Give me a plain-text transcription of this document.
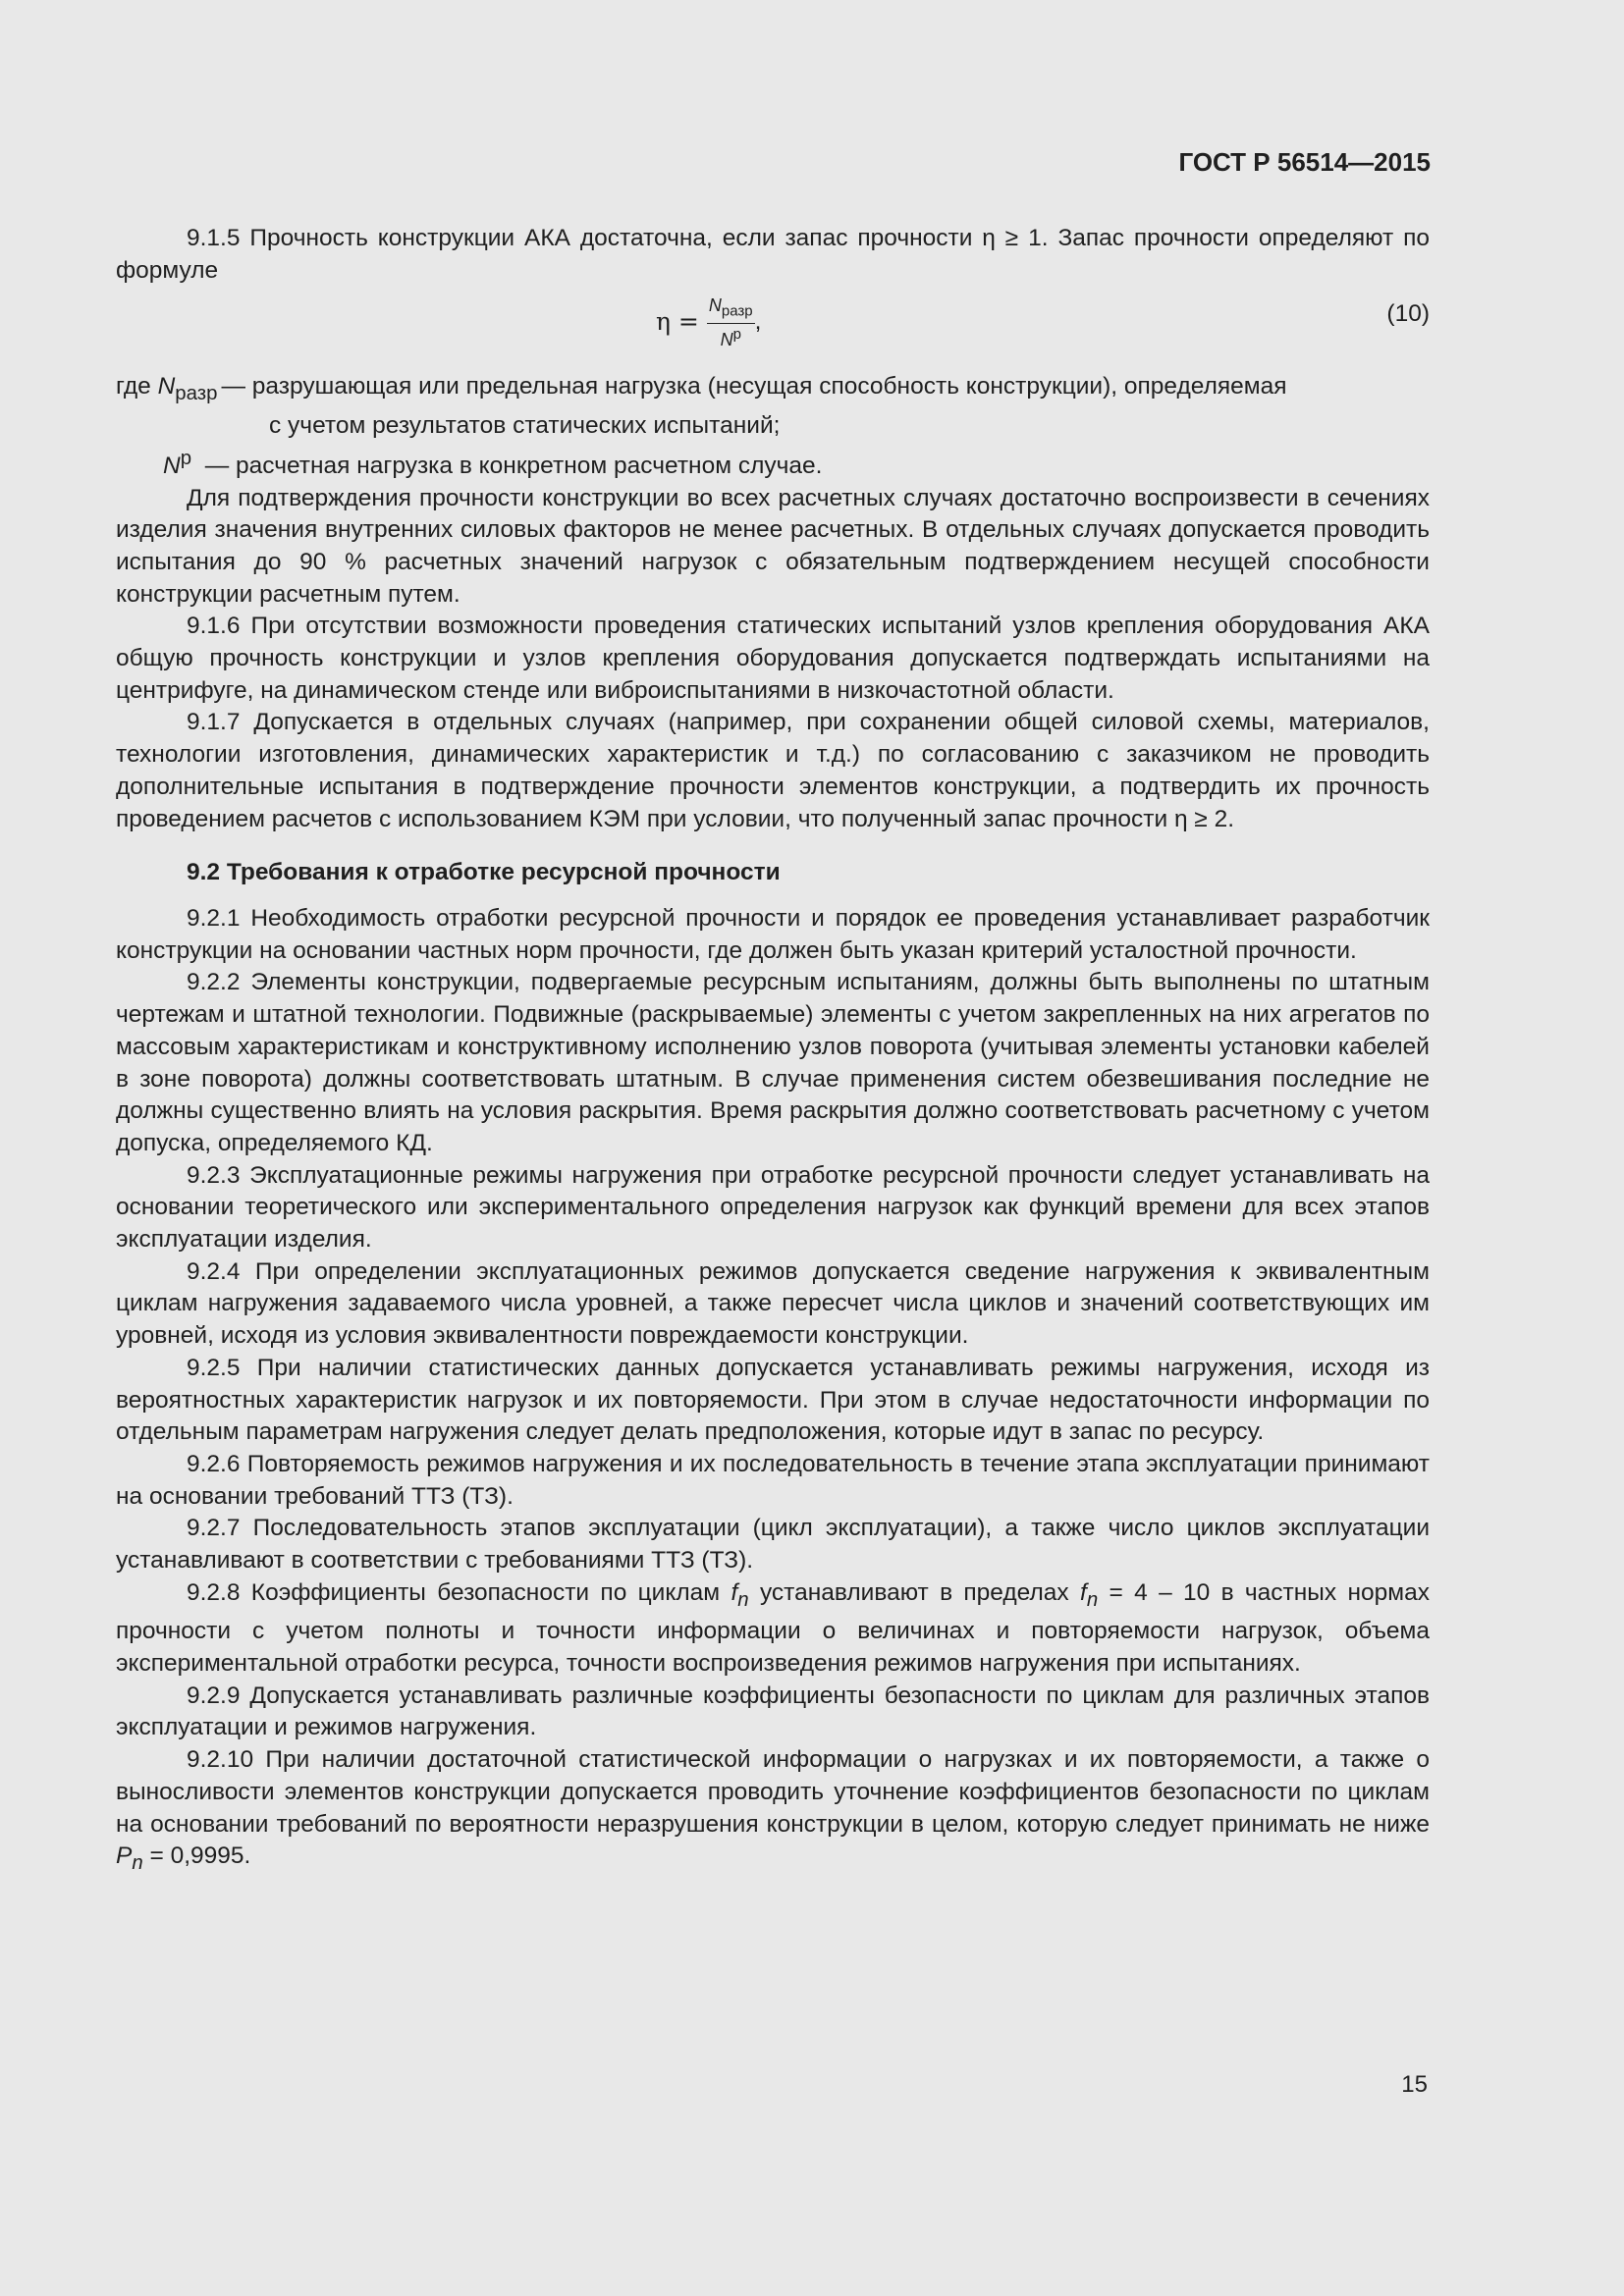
ГОСТ Р 56514—2015

9.1.5 Прочность конструкции АКА достаточна, если запас прочности η ≥ 1. Запас прочности определяют по формуле

$\eta = \frac{N_{разр}}{N^р}$ ,	(10)
где $N_{разр}$ — разрушающая или предельная нагрузка (несущая способность конструкции), определяемая
с учетом результатов статических испытаний;
$N^р$ — расчетная нагрузка в конкретном расчетном случае.

Для подтверждения прочности конструкции во всех расчетных случаях достаточно воспроизвести в сечениях изделия значения внутренних силовых факторов не менее расчетных. В отдельных случаях допускается проводить испытания до 90 % расчетных значений нагрузок с обязательным подтверждением несущей способности конструкции расчетным путем.

9.1.6 При отсутствии возможности проведения статических испытаний узлов крепления оборудования АКА общую прочность конструкции и узлов крепления оборудования допускается подтверждать испытаниями на центрифуге, на динамическом стенде или виброиспытаниями в низкочастотной области.

9.1.7 Допускается в отдельных случаях (например, при сохранении общей силовой схемы, материалов, технологии изготовления, динамических характеристик и т.д.) по согласованию с заказчиком не проводить дополнительные испытания в подтверждение прочности элементов конструкции, а подтвердить их прочность проведением расчетов с использованием КЭМ при условии, что полученный запас прочности η ≥ 2.

9.2 Требования к отработке ресурсной прочности

9.2.1 Необходимость отработки ресурсной прочности и порядок ее проведения устанавливает разработчик конструкции на основании частных норм прочности, где должен быть указан критерий усталостной прочности.

9.2.2 Элементы конструкции, подвергаемые ресурсным испытаниям, должны быть выполнены по штатным чертежам и штатной технологии. Подвижные (раскрываемые) элементы с учетом закрепленных на них агрегатов по массовым характеристикам и конструктивному исполнению узлов поворота (учитывая элементы установки кабелей в зоне поворота) должны соответствовать штатным. В случае применения систем обезвешивания последние не должны существенно влиять на условия раскрытия. Время раскрытия должно соответствовать расчетному с учетом допуска, определяемого КД.

9.2.3 Эксплуатационные режимы нагружения при отработке ресурсной прочности следует устанавливать на основании теоретического или экспериментального определения нагрузок как функций времени для всех этапов эксплуатации изделия.

9.2.4 При определении эксплуатационных режимов допускается сведение нагружения к эквивалентным циклам нагружения задаваемого числа уровней, а также пересчет числа циклов и значений соответствующих им уровней, исходя из условия эквивалентности повреждаемости конструкции.

9.2.5 При наличии статистических данных допускается устанавливать режимы нагружения, исходя из вероятностных характеристик нагрузок и их повторяемости. При этом в случае недостаточности информации по отдельным параметрам нагружения следует делать предположения, которые идут в запас по ресурсу.

9.2.6 Повторяемость режимов нагружения и их последовательность в течение этапа эксплуатации принимают на основании требований ТТЗ (ТЗ).

9.2.7 Последовательность этапов эксплуатации (цикл эксплуатации), а также число циклов эксплуатации устанавливают в соответствии с требованиями ТТЗ (ТЗ).

9.2.8 Коэффициенты безопасности по циклам $f_n$ устанавливают в пределах $f_n = 4 - 10$ в частных нормах прочности с учетом полноты и точности информации о величинах и повторяемости нагрузок, объема экспериментальной отработки ресурса, точности воспроизведения режимов нагружения при испытаниях.

9.2.9 Допускается устанавливать различные коэффициенты безопасности по циклам для различных этапов эксплуатации и режимов нагружения.

9.2.10 При наличии достаточной статистической информации о нагрузках и их повторяемости, а также о выносливости элементов конструкции допускается проводить уточнение коэффициентов безопасности по циклам на основании требований по вероятности неразрушения конструкции в целом, которую следует принимать не ниже $P_n = 0,9995$.

15
